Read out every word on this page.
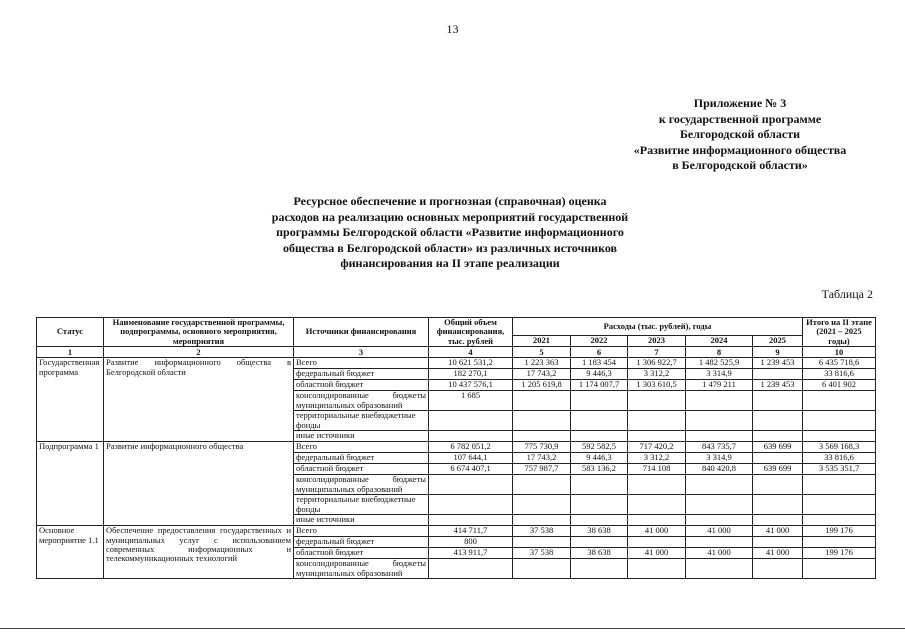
13
Приложение № 3
к государственной программе
Белгородской области
«Развитие информационного общества
в Белгородской области»
Ресурсное обеспечение и прогнозная (справочная) оценка
расходов на реализацию основных мероприятий государственной
программы Белгородской области «Развитие информационного
общества в Белгородской области» из различных источников
финансирования на II этапе реализации
Таблица 2
Статус	Наименование государственной программы, подпрограммы, основного мероприятия, мероприятия	Источники финансирования	Общий объем финансирования, тыс. рублей	Расходы (тыс. рублей), годы					Итого на II этапе (2021 – 2025 годы)
				2021	2022	2023	2024	2025	
1	2	3	4	5	6	7	8	9	10
Государственная программа	Развитие информационного общества в Белгородской области	Всего	10 621 531,2	1 223 363	1 183 454	1 306 922,7	1 482 525,9	1 239 453	6 435 718,6
		федеральный бюджет	182 270,1	17 743,2	9 446,3	3 312,2	3 314,9		33 816,6
		областной бюджет	10 437 576,1	1 205 619,8	1 174 007,7	1 303 610,5	1 479 211	1 239 453	6 401 902
		консолидированные бюджеты муниципальных образований	1 685						
		территориальные внебюджетные фонды							
		иные источники							
Подпрограмма 1	Развитие информационного общества	Всего	6 782 051,2	775 730,9	592 582,5	717 420,2	843 735,7	639 699	3 569 168,3
		федеральный бюджет	107 644,1	17 743,2	9 446,3	3 312,2	3 314,9		33 816,6
		областной бюджет	6 674 407,1	757 987,7	583 136,2	714 108	840 420,8	639 699	3 535 351,7
		консолидированные бюджеты муниципальных образований							
		территориальные внебюджетные фонды							
		иные источники							
Основное мероприятие 1.1	Обеспечение предоставления государственных и муниципальных услуг с использованием современных информационных и телекоммуникационных технологий	Всего	414 711,7	37 538	38 638	41 000	41 000	41 000	199 176
		федеральный бюджет	800						
		областной бюджет	413 911,7	37 538	38 638	41 000	41 000	41 000	199 176
		консолидированные бюджеты муниципальных образований							
